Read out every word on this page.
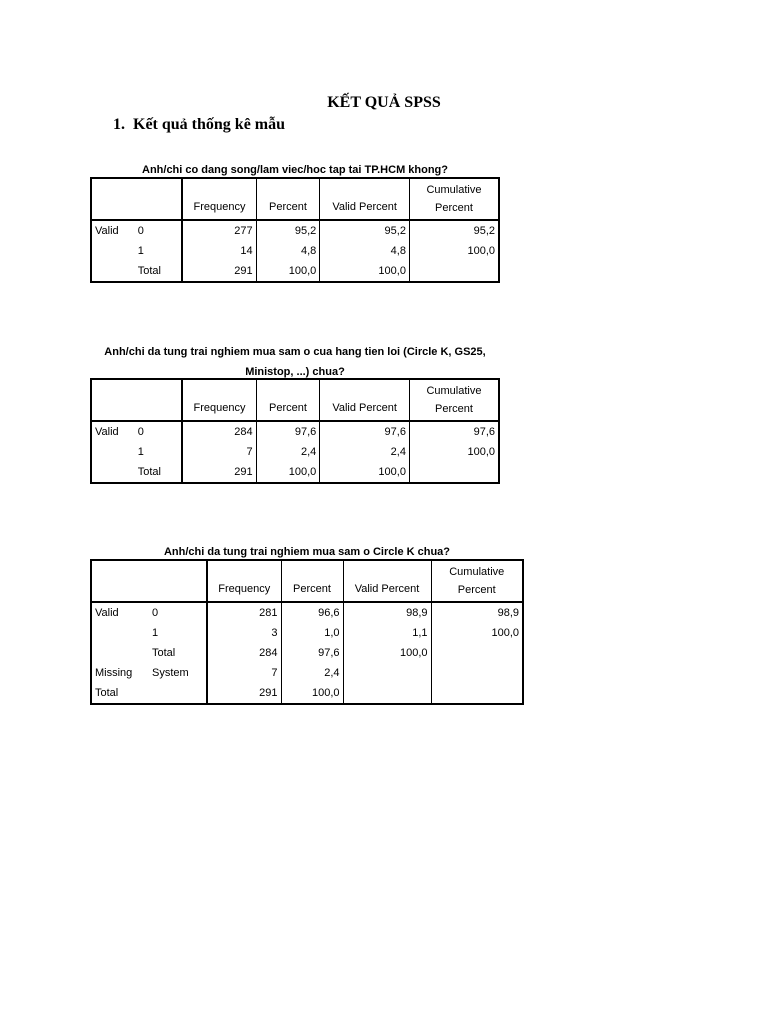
KẾT QUẢ SPSS
1. Kết quả thống kê mẫu
Anh/chi co dang song/lam viec/hoc tap tai TP.HCM khong?
		Frequency	Percent	Valid Percent	Cumulative
Percent
Valid	0	277	95,2	95,2	95,2
	1	14	4,8	4,8	100,0
	Total	291	100,0	100,0	
Anh/chi da tung trai nghiem mua sam o cua hang tien loi (Circle K, GS25,
Ministop, ...) chua?
		Frequency	Percent	Valid Percent	Cumulative
Percent
Valid	0	284	97,6	97,6	97,6
	1	7	2,4	2,4	100,0
	Total	291	100,0	100,0	
Anh/chi da tung trai nghiem mua sam o Circle K chua?
		Frequency	Percent	Valid Percent	Cumulative
Percent
Valid	0	281	96,6	98,9	98,9
	1	3	1,0	1,1	100,0
	Total	284	97,6	100,0	
Missing	System	7	2,4		
Total		291	100,0		
